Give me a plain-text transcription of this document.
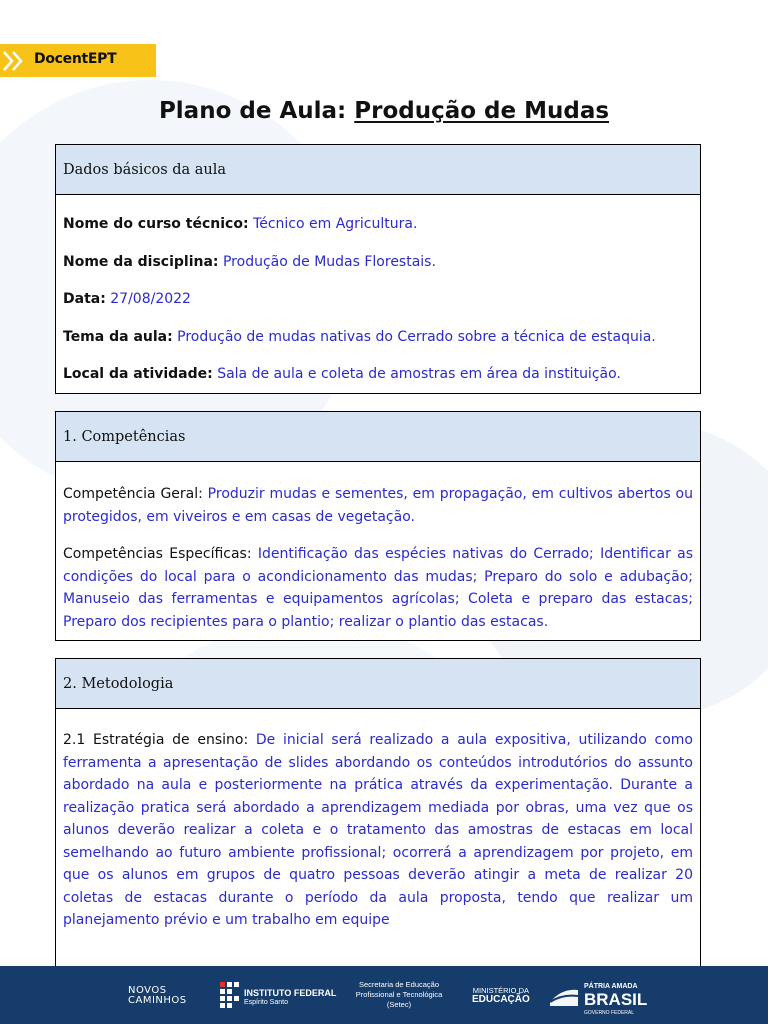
DocentEPT
Plano de Aula: Produção de Mudas
Dados básicos da aula

Nome do curso técnico: Técnico em Agricultura.

Nome da disciplina: Produção de Mudas Florestais.

Data: 27/08/2022

Tema da aula: Produção de mudas nativas do Cerrado sobre a técnica de estaquia.

Local da atividade: Sala de aula e coleta de amostras em área da instituição.

1. Competências

Competência Geral: Produzir mudas e sementes, em propagação, em cultivos abertos ou protegidos, em viveiros e em casas de vegetação.

Competências Específicas: Identificação das espécies nativas do Cerrado; Identificar as condições do local para o acondicionamento das mudas; Preparo do solo e adubação; Manuseio das ferramentas e equipamentos agrícolas; Coleta e preparo das estacas; Preparo dos recipientes para o plantio; realizar o plantio das estacas.

2. Metodologia

2.1 Estratégia de ensino: De inicial será realizado a aula expositiva, utilizando como ferramenta a apresentação de slides abordando os conteúdos introdutórios do assunto abordado na aula e posteriormente na prática através da experimentação. Durante a realização pratica será abordado a aprendizagem mediada por obras, uma vez que os alunos deverão realizar a coleta e o tratamento das amostras de estacas em local semelhando ao futuro ambiente profissional; ocorrerá a aprendizagem por projeto, em que os alunos em grupos de quatro pessoas deverão atingir a meta de realizar 20 coletas de estacas durante o período da aula proposta, tendo que realizar um planejamento prévio e um trabalho em equipe

NOVOS
CAMINHOS
INSTITUTO FEDERAL
Espírito Santo
Secretaria de Educação Profissional e Tecnológica (Setec)
MINISTÉRIO DA
EDUCAÇÃO
PÁTRIA AMADA
BRASIL
GOVERNO FEDERAL
